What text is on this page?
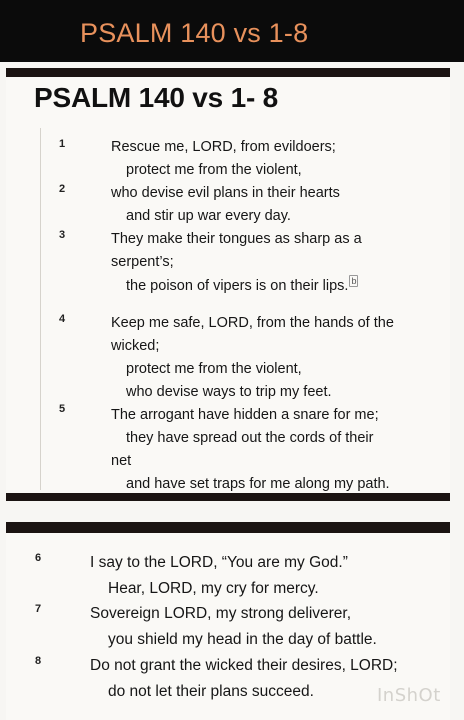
PSALM 140 vs 1-8
PSALM 140 vs 1- 8
1	Rescue me, LORD, from evildoers;
protect me from the violent,
2	who devise evil plans in their hearts
and stir up war every day.
3	They make their tongues as sharp as a
serpent’s;
the poison of vipers is on their lips. $^b$
4	Keep me safe, LORD, from the hands of the
wicked;
protect me from the violent,
who devise ways to trip my feet.
5	The arrogant have hidden a snare for me;
they have spread out the cords of their
net
and have set traps for me along my path.
6	I say to the LORD, “You are my God.”
Hear, LORD, my cry for mercy.
7	Sovereign LORD, my strong deliverer,
you shield my head in the day of battle.
8	Do not grant the wicked their desires, LORD;
do not let their plans succeed.	InShOt
